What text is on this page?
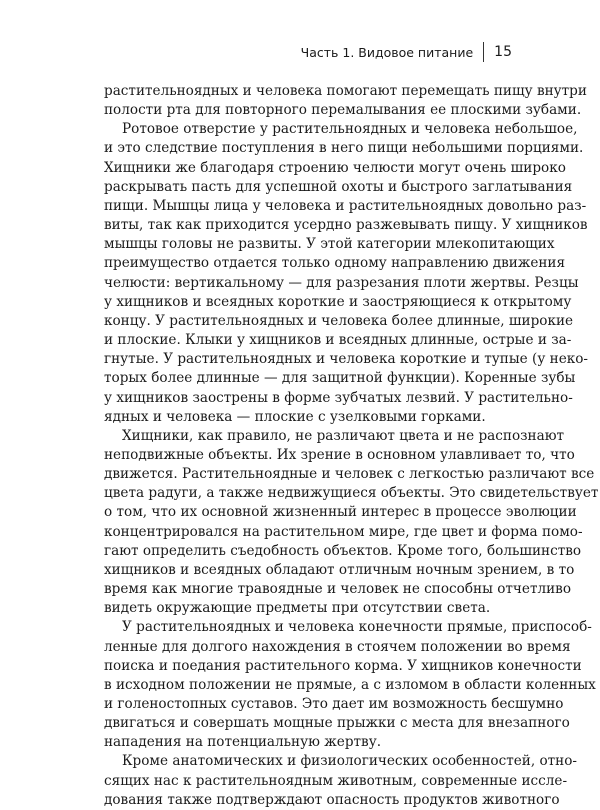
Часть 1. Видовое питание 15
растительноядных и человека помогают перемещать пищу внутри
полости рта для повторного перемалывания ее плоскими зубами.
Ротовое отверстие у растительноядных и человека небольшое,
и это следствие поступления в него пищи небольшими порциями.
Хищники же благодаря строению челюсти могут очень широко
раскрывать пасть для успешной охоты и быстрого заглатывания
пищи. Мышцы лица у человека и растительноядных довольно раз-
виты, так как приходится усердно разжевывать пищу. У хищников
мышцы головы не развиты. У этой категории млекопитающих
преимущество отдается только одному направлению движения
челюсти: вертикальному — для разрезания плоти жертвы. Резцы
у хищников и всеядных короткие и заостряющиеся к открытому
концу. У растительноядных и человека более длинные, широкие
и плоские. Клыки у хищников и всеядных длинные, острые и за-
гнутые. У растительноядных и человека короткие и тупые (у неко-
торых более длинные — для защитной функции). Коренные зубы
у хищников заострены в форме зубчатых лезвий. У растительно-
ядных и человека — плоские с узелковыми горками.
Хищники, как правило, не различают цвета и не распознают
неподвижные объекты. Их зрение в основном улавливает то, что
движется. Растительноядные и человек с легкостью различают все
цвета радуги, а также недвижущиеся объекты. Это свидетельствует
о том, что их основной жизненный интерес в процессе эволюции
концентрировался на растительном мире, где цвет и форма помо-
гают определить съедобность объектов. Кроме того, большинство
хищников и всеядных обладают отличным ночным зрением, в то
время как многие травоядные и человек не способны отчетливо
видеть окружающие предметы при отсутствии света.
У растительноядных и человека конечности прямые, приспособ-
ленные для долгого нахождения в стоячем положении во время
поиска и поедания растительного корма. У хищников конечности
в исходном положении не прямые, а с изломом в области коленных
и голеностопных суставов. Это дает им возможность бесшумно
двигаться и совершать мощные прыжки с места для внезапного
нападения на потенциальную жертву.
Кроме анатомических и физиологических особенностей, отно-
сящих нас к растительноядным животным, современные иссле-
дования также подтверждают опасность продуктов животного
